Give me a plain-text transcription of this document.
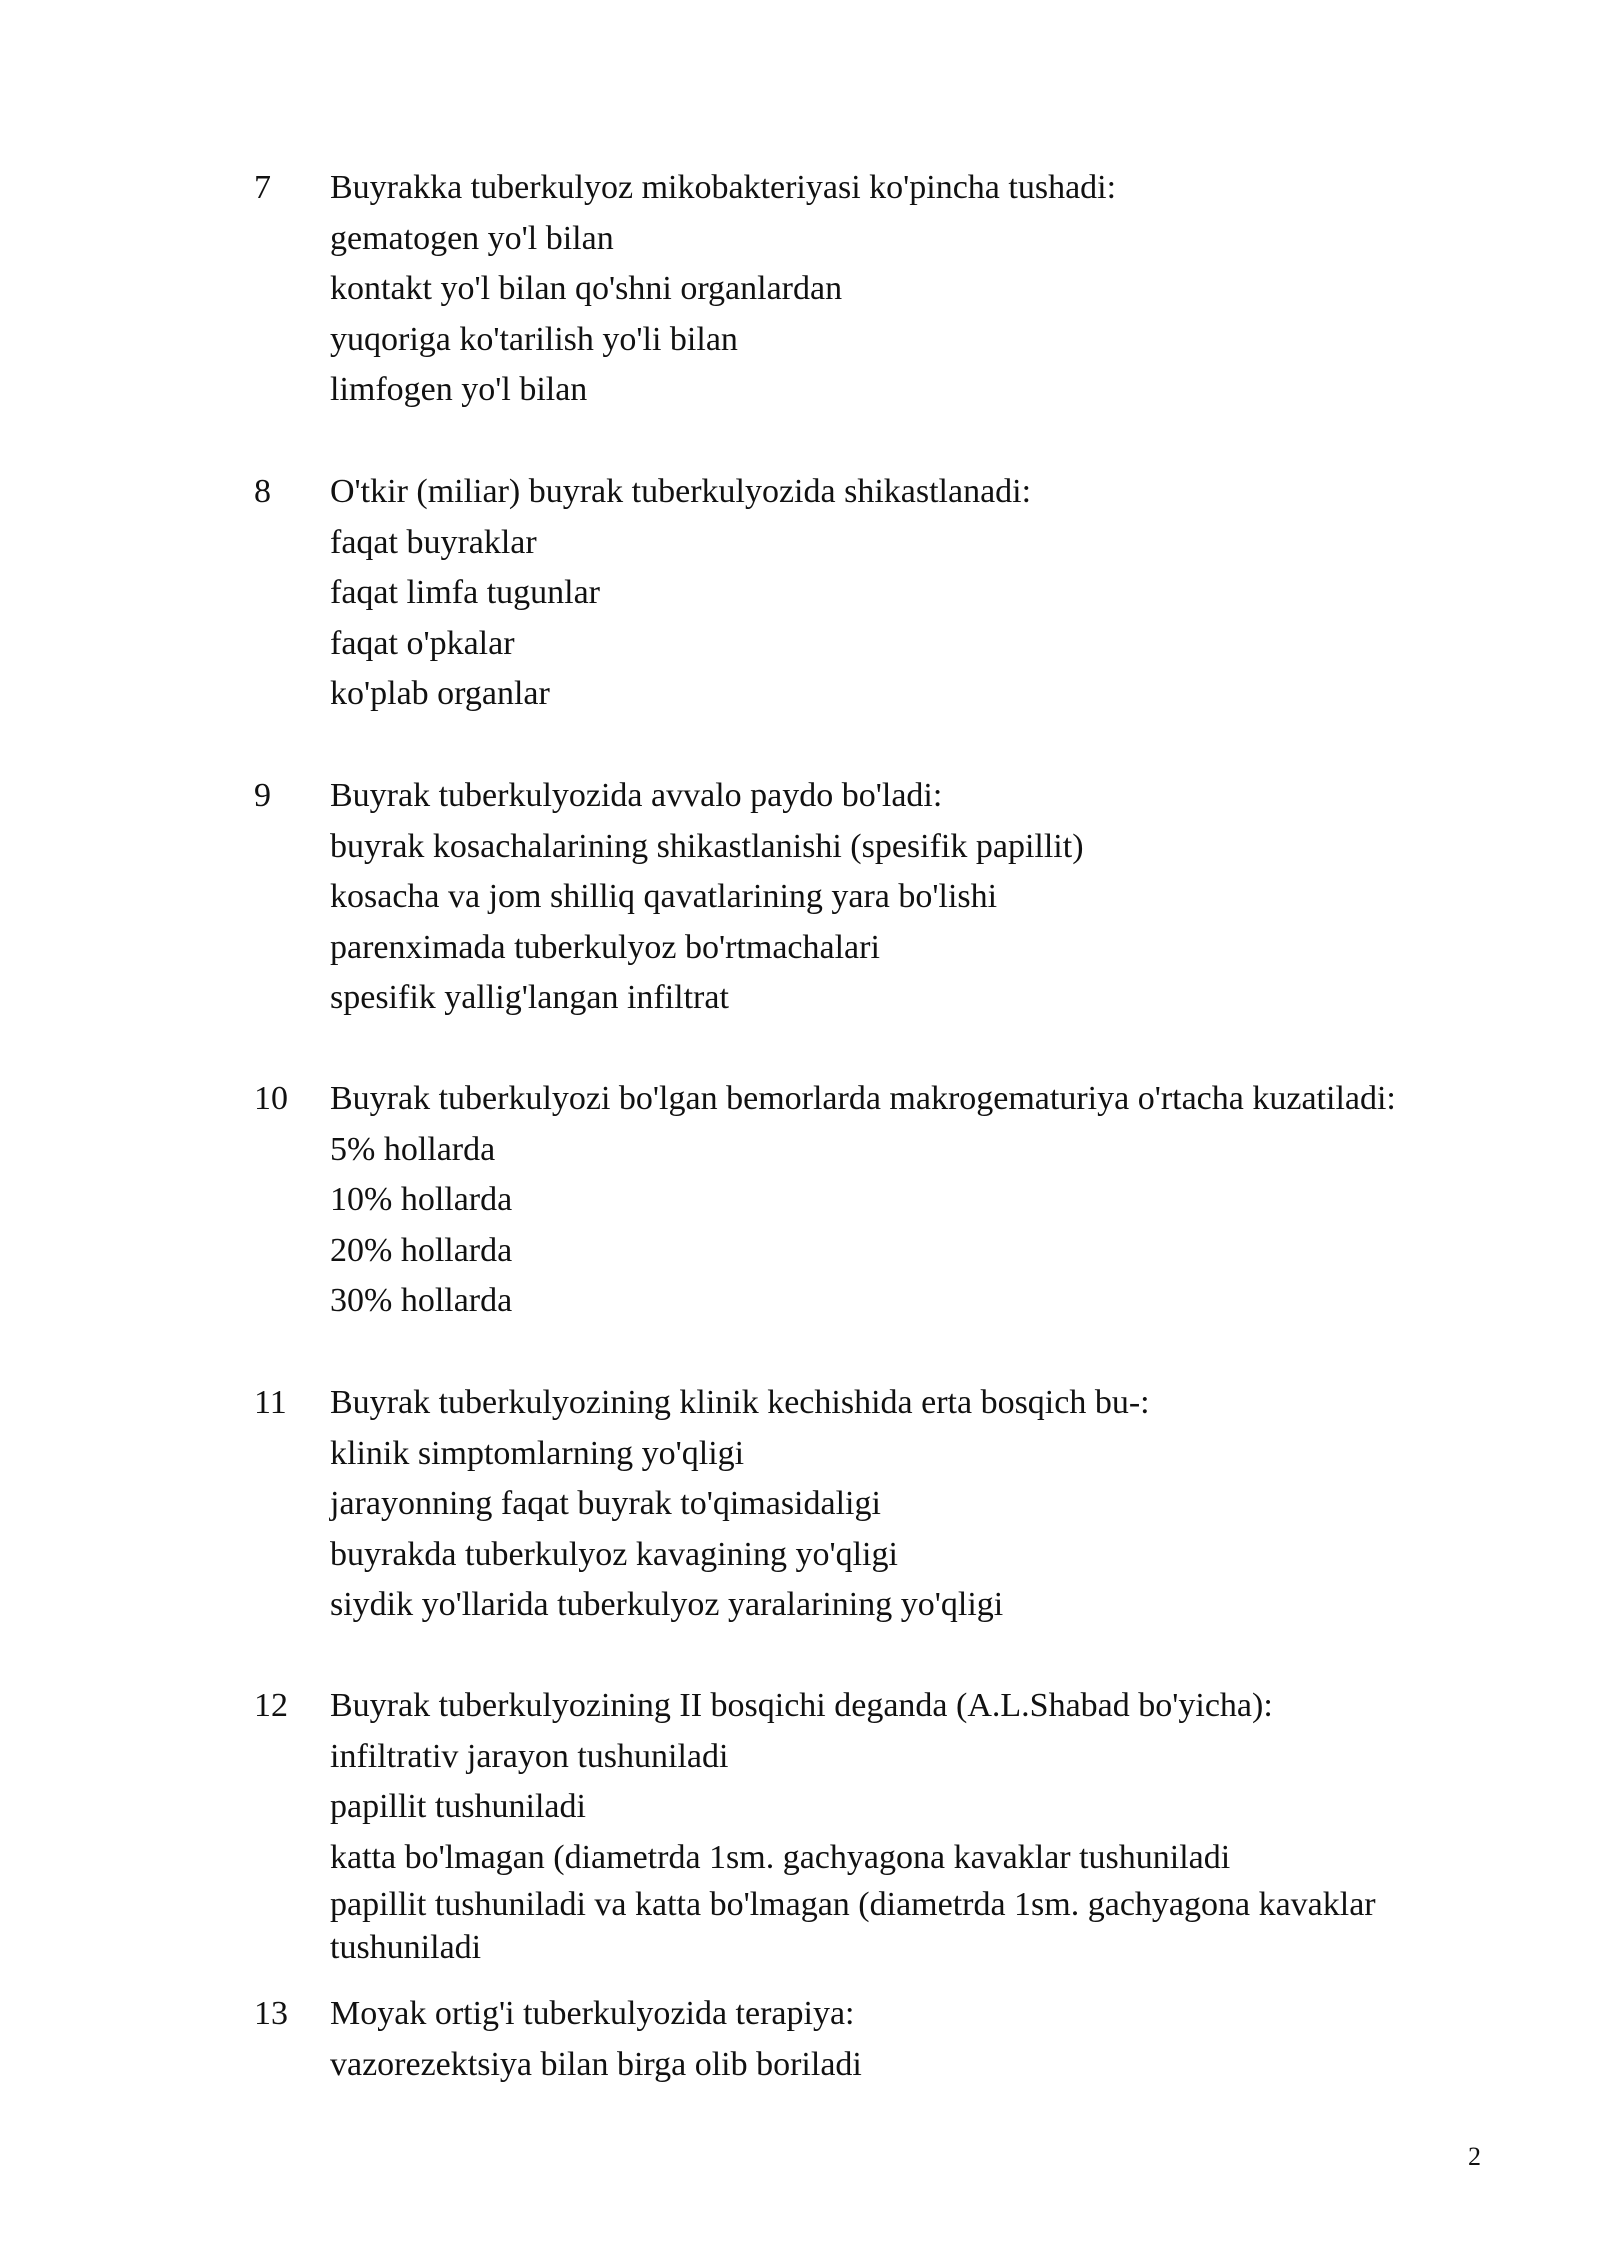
7 Buyrakka tuberkulyoz mikobakteriyasi ko'pincha tushadi:
gematogen yo'l bilan
kontakt yo'l bilan qo'shni organlardan
yuqoriga ko'tarilish yo'li bilan
limfogen yo'l bilan
8 O'tkir (miliar) buyrak tuberkulyozida shikastlanadi:
faqat buyraklar
faqat limfa tugunlar
faqat o'pkalar
ko'plab organlar
9 Buyrak tuberkulyozida avvalo paydo bo'ladi:
buyrak kosachalarining shikastlanishi (spesifik papillit)
kosacha va jom shilliq qavatlarining yara bo'lishi
parenximada tuberkulyoz bo'rtmachalari
spesifik yallig'langan infiltrat
10 Buyrak tuberkulyozi bo'lgan bemorlarda makrogematuriya o'rtacha kuzatiladi:
5% hollarda
10% hollarda
20% hollarda
30% hollarda
11 Buyrak tuberkulyozining klinik kechishida erta bosqich bu-:
klinik simptomlarning yo'qligi
jarayonning faqat buyrak to'qimasidaligi
buyrakda tuberkulyoz kavagining yo'qligi
siydik yo'llarida tuberkulyoz yaralarining yo'qligi
12 Buyrak tuberkulyozining II bosqichi deganda (A.L.Shabad bo'yicha):
infiltrativ jarayon tushuniladi
papillit tushuniladi
katta bo'lmagan (diametrda 1sm. gachyagona kavaklar tushuniladi
papillit tushuniladi va katta bo'lmagan (diametrda 1sm. gachyagona kavaklar tushuniladi
13 Moyak ortig'i tuberkulyozida terapiya:
vazorezektsiya bilan birga olib boriladi
2
